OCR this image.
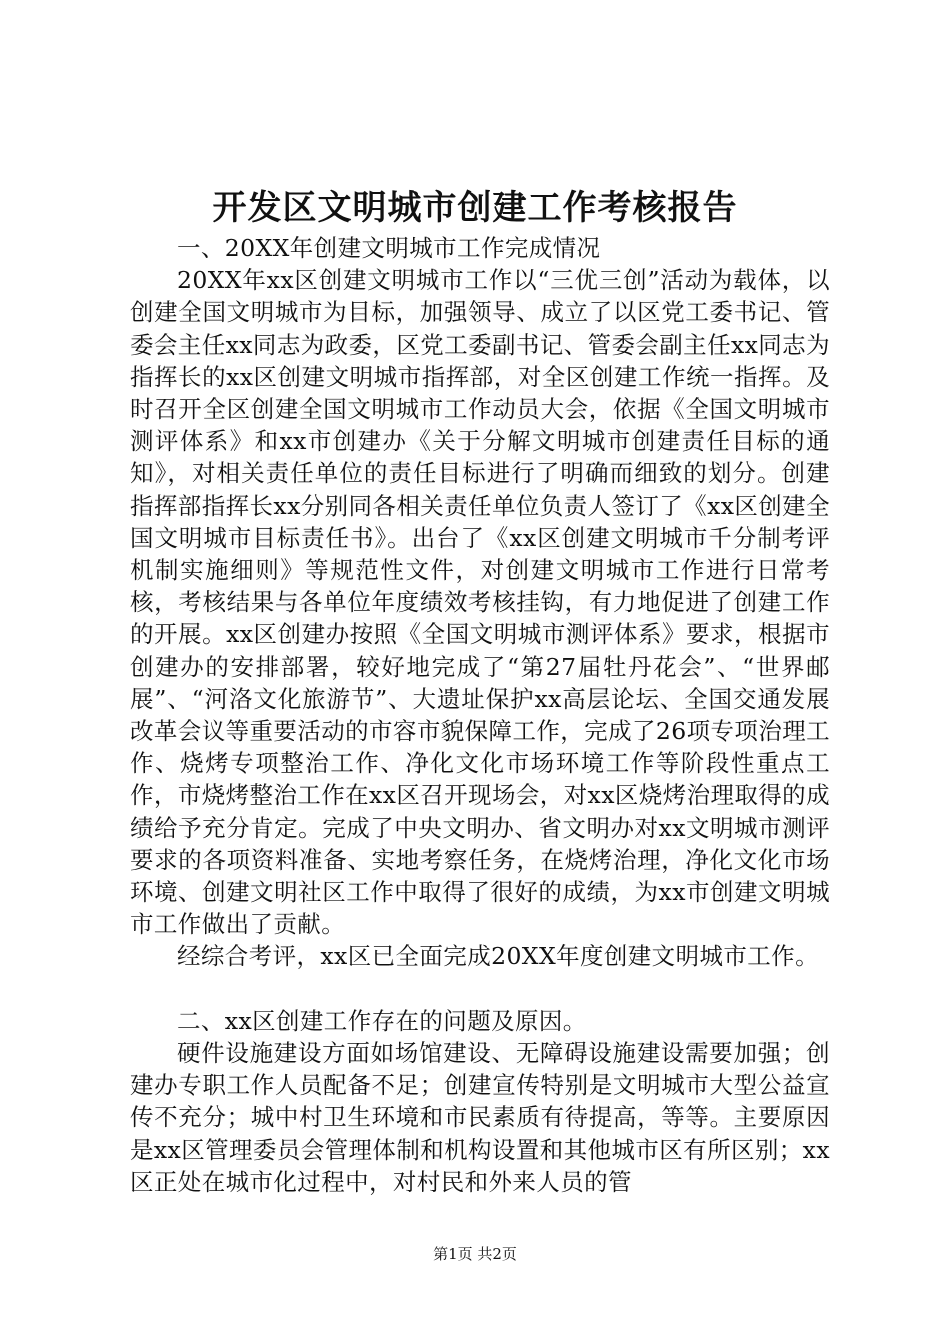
开发区文明城市创建工作考核报告

一、20XX年创建文明城市工作完成情况

20XX年xx区创建文明城市工作以“三优三创”活动为载体，以创建全国文明城市为目标，加强领导、成立了以区党工委书记、管委会主任xx同志为政委，区党工委副书记、管委会副主任xx同志为指挥长的xx区创建文明城市指挥部，对全区创建工作统一指挥。及时召开全区创建全国文明城市工作动员大会，依据《全国文明城市测评体系》和xx市创建办《关于分解文明城市创建责任目标的通知》，对相关责任单位的责任目标进行了明确而细致的划分。创建指挥部指挥长xx分别同各相关责任单位负责人签订了《xx区创建全国文明城市目标责任书》。出台了《xx区创建文明城市千分制考评机制实施细则》等规范性文件，对创建文明城市工作进行日常考核，考核结果与各单位年度绩效考核挂钩，有力地促进了创建工作的开展。xx区创建办按照《全国文明城市测评体系》要求，根据市创建办的安排部署，较好地完成了“第27届牡丹花会”、“世界邮展”、“河洛文化旅游节”、大遗址保护xx高层论坛、全国交通发展改革会议等重要活动的市容市貌保障工作，完成了26项专项治理工作、烧烤专项整治工作、净化文化市场环境工作等阶段性重点工作，市烧烤整治工作在xx区召开现场会，对xx区烧烤治理取得的成绩给予充分肯定。完成了中央文明办、省文明办对xx文明城市测评要求的各项资料准备、实地考察任务，在烧烤治理，净化文化市场环境、创建文明社区工作中取得了很好的成绩，为xx市创建文明城市工作做出了贡献。

经综合考评，xx区已全面完成20XX年度创建文明城市工作。

二、xx区创建工作存在的问题及原因。

硬件设施建设方面如场馆建设、无障碍设施建设需要加强；创建办专职工作人员配备不足；创建宣传特别是文明城市大型公益宣传不充分；城中村卫生环境和市民素质有待提高，等等。主要原因是xx区管理委员会管理体制和机构设置和其他城市区有所区别；xx区正处在城市化过程中，对村民和外来人员的管

第1页 共2页
